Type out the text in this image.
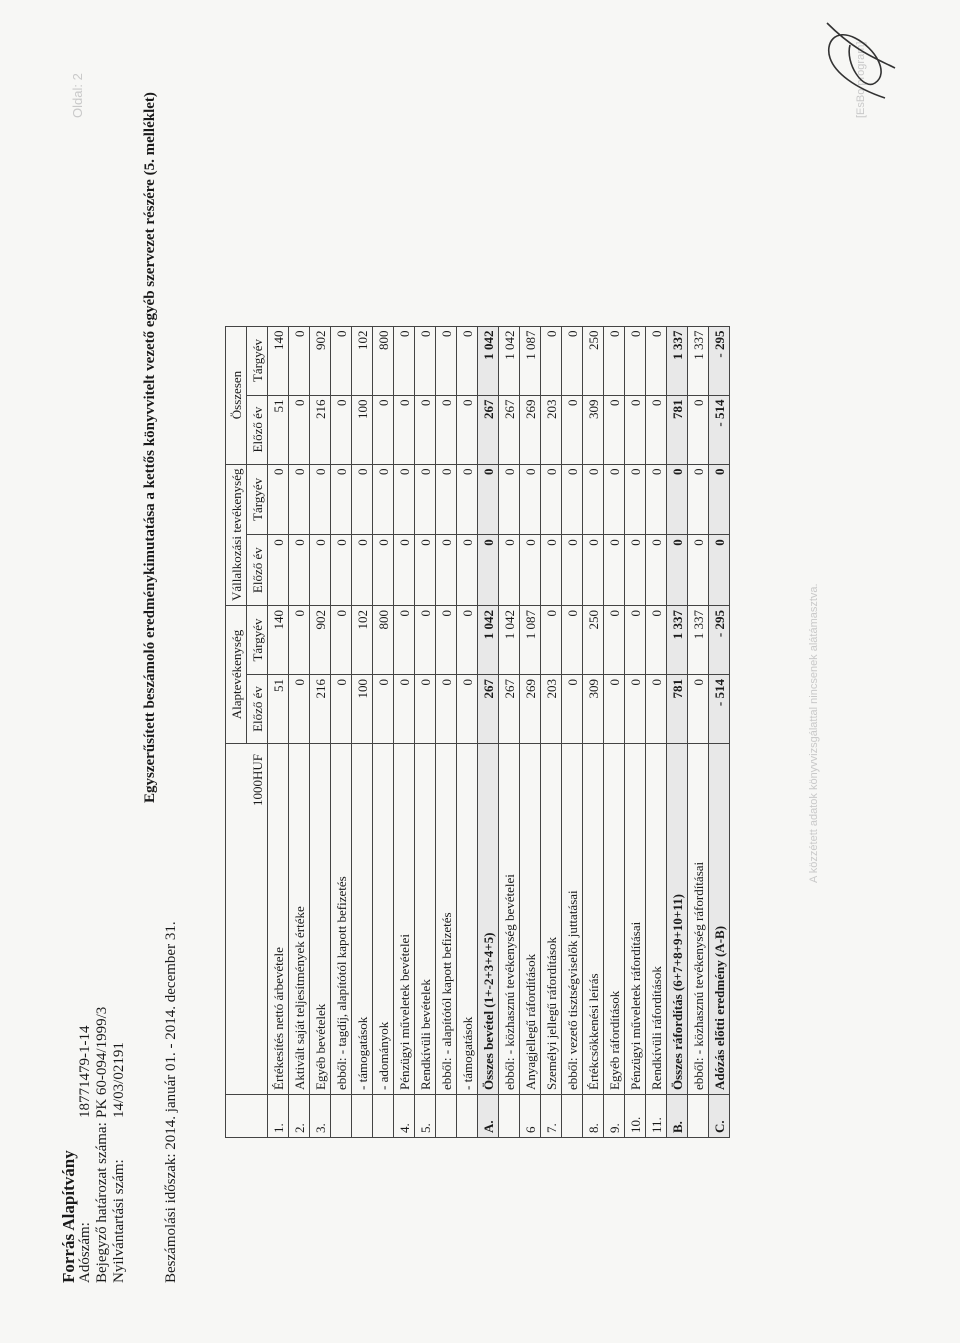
Forrás Alapítvány Adószám:
18771479-1-14
Bejegyző határozat száma:
PK 60-094/1999/3
Nyilvántartási szám:
14/03/02191
Egyszerűsített beszámoló eredménykimutatása a kettős könyvvitelt vezető egyéb szervezet részére (5. melléklet)
Beszámolási időszak: 2014. január 01. - 2014. december 31.
Oldal: 2
	1000HUF	Alaptevékenység		Vállalkozási tevékenység		Összesen	
		Előző év	Tárgyév	Előző év	Tárgyév	Előző év	Tárgyév
1.	Értékesítés nettó árbevétele	51	140	0	0	51	140
2.	Aktivált saját teljesítmények értéke	0	0	0	0	0	0
3.	Egyéb bevételek	216	902	0	0	216	902
	ebből: - tagdíj, alapítótól kapott befizetés	0	0	0	0	0	0
	- támogatások	100	102	0	0	100	102
	- adományok	0	800	0	0	0	800
4.	Pénzügyi műveletek bevételei	0	0	0	0	0	0
5.	Rendkívüli bevételek	0	0	0	0	0	0
	ebből: - alapítótól kapott befizetés	0	0	0	0	0	0
	- támogatások	0	0	0	0	0	0
A.	Összes bevétel (1+-2+3+4+5)	267	1 042	0	0	267	1 042
	ebből: - közhasznú tevékenység bevételei	267	1 042	0	0	267	1 042
6	Anyagjellegű ráfordítások	269	1 087	0	0	269	1 087
7.	Személyi jellegű ráfordítások	203	0	0	0	203	0
	ebből: vezető tisztségviselők juttatásai	0	0	0	0	0	0
8.	Értékcsökkenési leírás	309	250	0	0	309	250
9.	Egyéb ráfordítások	0	0	0	0	0	0
10.	Pénzügyi műveletek ráfordításai	0	0	0	0	0	0
11.	Rendkívüli ráfordítások	0	0	0	0	0	0
B.	Összes ráfordítás (6+7+8+9+10+11)	781	1 337	0	0	781	1 337
	ebből: - közhasznú tevékenység ráfordításai	0	1 337	0	0	0	1 337
C.	Adózás előtti eredmény (A-B)	- 514	- 295	0	0	- 514	- 295
A közzétett adatok könyvvizsgálattal nincsenek alátámasztva.
[EsBo program]
